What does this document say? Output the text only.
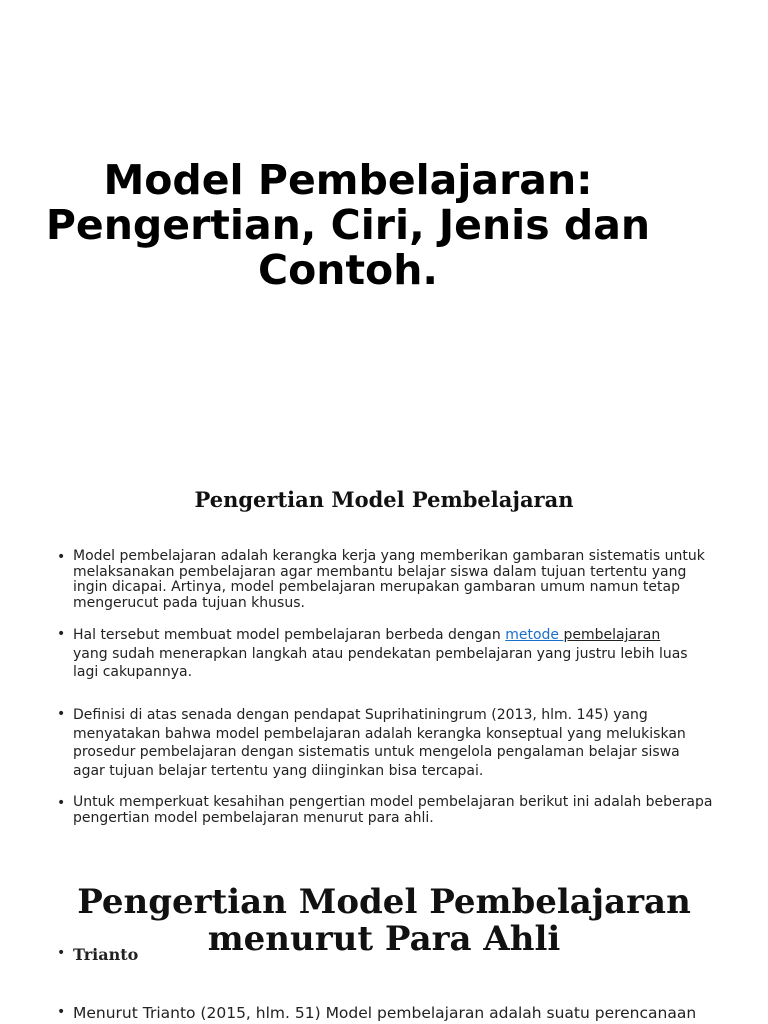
Model Pembelajaran:
Pengertian, Ciri, Jenis dan
Contoh.
Pengertian Model Pembelajaran
• Model pembelajaran adalah kerangka kerja yang memberikan gambaran sistematis untuk melaksanakan pembelajaran agar membantu belajar siswa dalam tujuan tertentu yang ingin dicapai. Artinya, model pembelajaran merupakan gambaran umum namun tetap mengerucut pada tujuan khusus.
• Hal tersebut membuat model pembelajaran berbeda dengan metode pembelajaran
yang sudah menerapkan langkah atau pendekatan pembelajaran yang justru lebih luas lagi cakupannya.
• Definisi di atas senada dengan pendapat Suprihatiningrum (2013, hlm. 145) yang menyatakan bahwa model pembelajaran adalah kerangka konseptual yang melukiskan prosedur pembelajaran dengan sistematis untuk mengelola pengalaman belajar siswa agar tujuan belajar tertentu yang diinginkan bisa tercapai.
• Untuk memperkuat kesahihan pengertian model pembelajaran berikut ini adalah beberapa pengertian model pembelajaran menurut para ahli.
Pengertian Model Pembelajaran
menurut Para Ahli
• Trianto
• Menurut Trianto (2015, hlm. 51) Model pembelajaran adalah suatu perencanaan
